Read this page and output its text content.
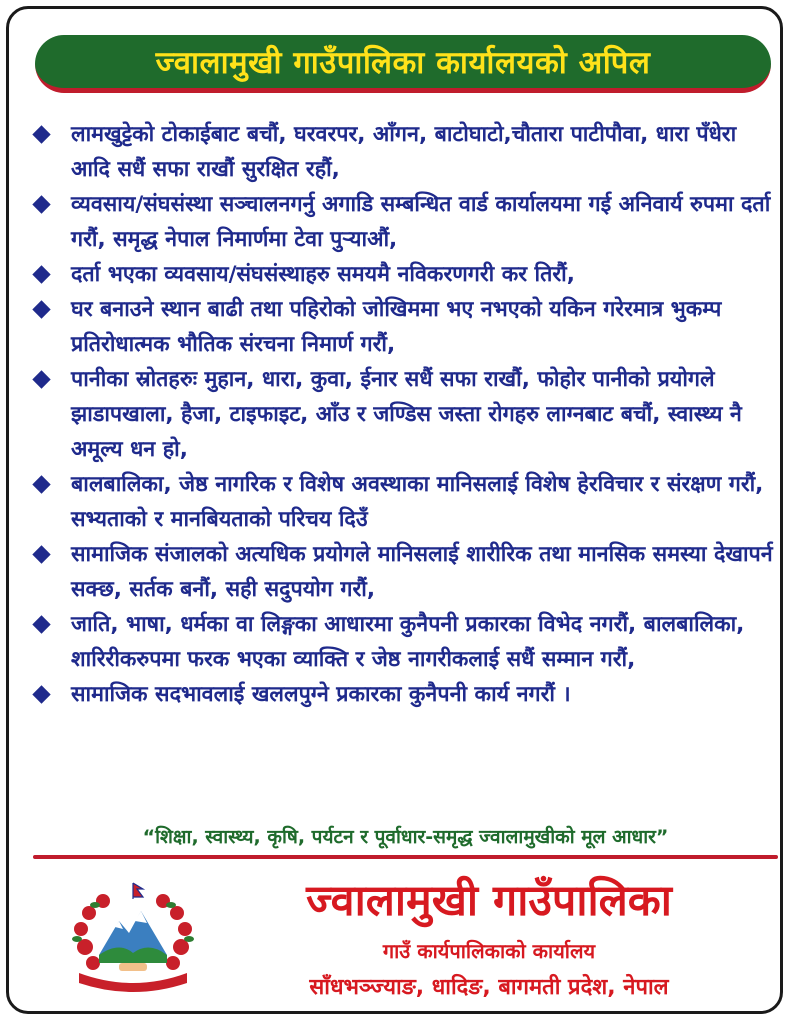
ज्वालामुखी गाउँपालिका कार्यालयको अपिल
लामखुट्टेको टोकाईबाट बचौं, घरवरपर, आँगन, बाटोघाटो,चौतारा पाटीपौवा, धारा पँधेरा आदि सधैं सफा राखौं सुरक्षित रहौं,
व्यवसाय/संघसंस्था सञ्चालनगर्नु अगाडि सम्बन्धित वार्ड कार्यालयमा गई अनिवार्य रुपमा दर्ता गरौं, समृद्ध नेपाल निमार्णमा टेवा पुऱ्याऔं,
दर्ता भएका व्यवसाय/संघसंस्थाहरु समयमै नविकरणगरी कर तिरौं,
घर बनाउने स्थान बाढी तथा पहिरोको जोखिममा भए नभएको यकिन गरेरमात्र भुकम्प प्रतिरोधात्मक भौतिक संरचना निमार्ण गरौं,
पानीका स्रोतहरुः मुहान, धारा, कुवा, ईनार सधैं सफा राखौं, फोहोर पानीको प्रयोगले झाडापखाला, हैजा, टाइफाइट, आँउ र जण्डिस जस्ता रोगहरु लाग्नबाट बचौं, स्वास्थ्य नै अमूल्य धन हो,
बालबालिका, जेष्ठ नागरिक र विशेष अवस्थाका मानिसलाई विशेष हेरविचार र संरक्षण गरौं, सभ्यताको र मानबियताको परिचय दिउँ
सामाजिक संजालको अत्यधिक प्रयोगले मानिसलाई शारीरिक तथा मानसिक समस्या देखापर्न सक्छ, सर्तक बनौं, सही सदुपयोग गरौं,
जाति, भाषा, धर्मका वा लिङ्गका आधारमा कुनैपनी प्रकारका विभेद नगरौं, बालबालिका, शारिरीकरुपमा फरक भएका व्याक्ति र जेष्ठ नागरीकलाई सधैं सम्मान गरौं,
सामाजिक सदभावलाई खललपुग्ने प्रकारका कुनैपनी कार्य नगरौं ।
“शिक्षा, स्वास्थ्य, कृषि, पर्यटन र पूर्वाधार-समृद्ध ज्वालामुखीको मूल आधार”
ज्वालामुखी गाउँपालिका
गाउँ कार्यपालिकाको कार्यालय
साँधभञ्ज्याङ, धादिङ, बागमती प्रदेश, नेपाल
